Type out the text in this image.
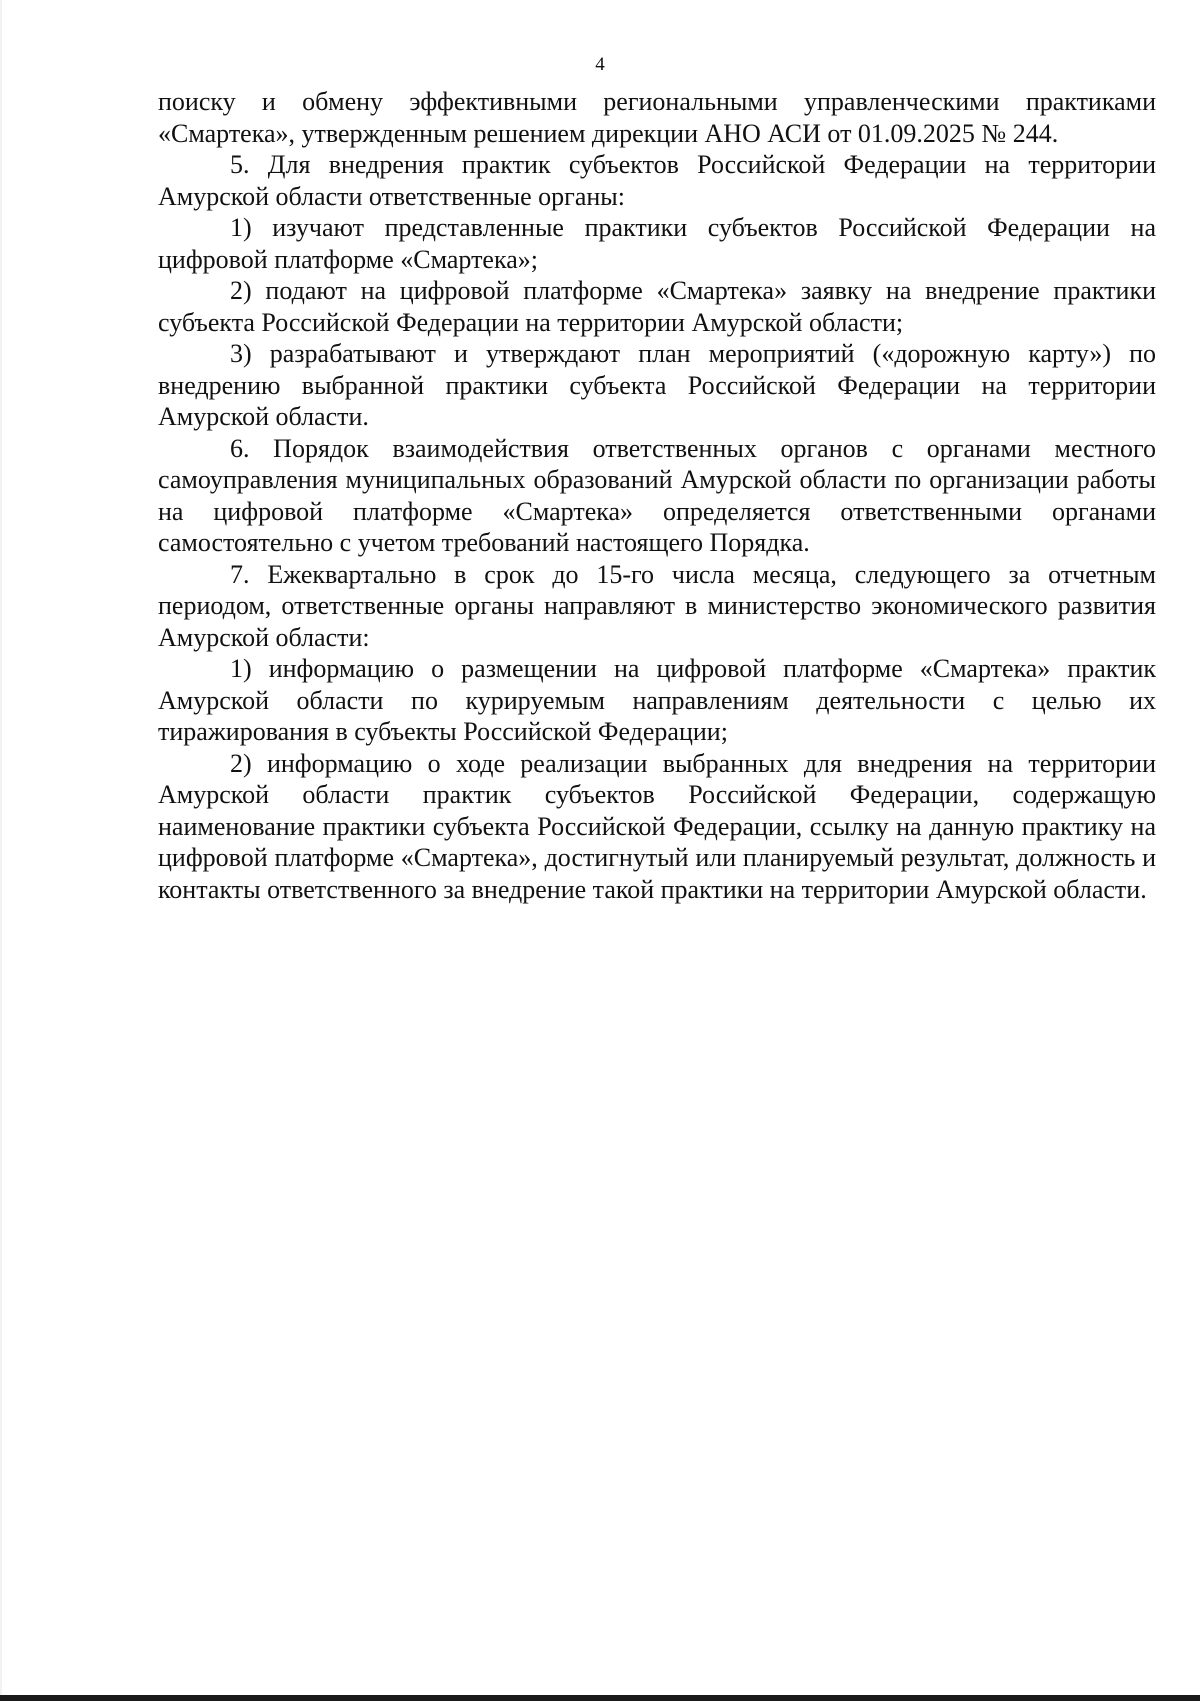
4

поиску и обмену эффективными региональными управленческими практиками «Смартека», утвержденным решением дирекции АНО АСИ от 01.09.2025 № 244.

5. Для внедрения практик субъектов Российской Федерации на территории Амурской области ответственные органы:

1) изучают представленные практики субъектов Российской Федерации на цифровой платформе «Смартека»;

2) подают на цифровой платформе «Смартека» заявку на внедрение практики субъекта Российской Федерации на территории Амурской области;

3) разрабатывают и утверждают план мероприятий («дорожную карту») по внедрению выбранной практики субъекта Российской Федерации на территории Амурской области.

6. Порядок взаимодействия ответственных органов с органами местного самоуправления муниципальных образований Амурской области по организации работы на цифровой платформе «Смартека» определяется ответственными органами самостоятельно с учетом требований настоящего Порядка.

7. Ежеквартально в срок до 15-го числа месяца, следующего за отчетным периодом, ответственные органы направляют в министерство экономического развития Амурской области:

1) информацию о размещении на цифровой платформе «Смартека» практик Амурской области по курируемым направлениям деятельности с целью их тиражирования в субъекты Российской Федерации;

2) информацию о ходе реализации выбранных для внедрения на территории Амурской области практик субъектов Российской Федерации, содержащую наименование практики субъекта Российской Федерации, ссылку на данную практику на цифровой платформе «Смартека», достигнутый или планируемый результат, должность и контакты ответственного за внедрение такой практики на территории Амурской области.
